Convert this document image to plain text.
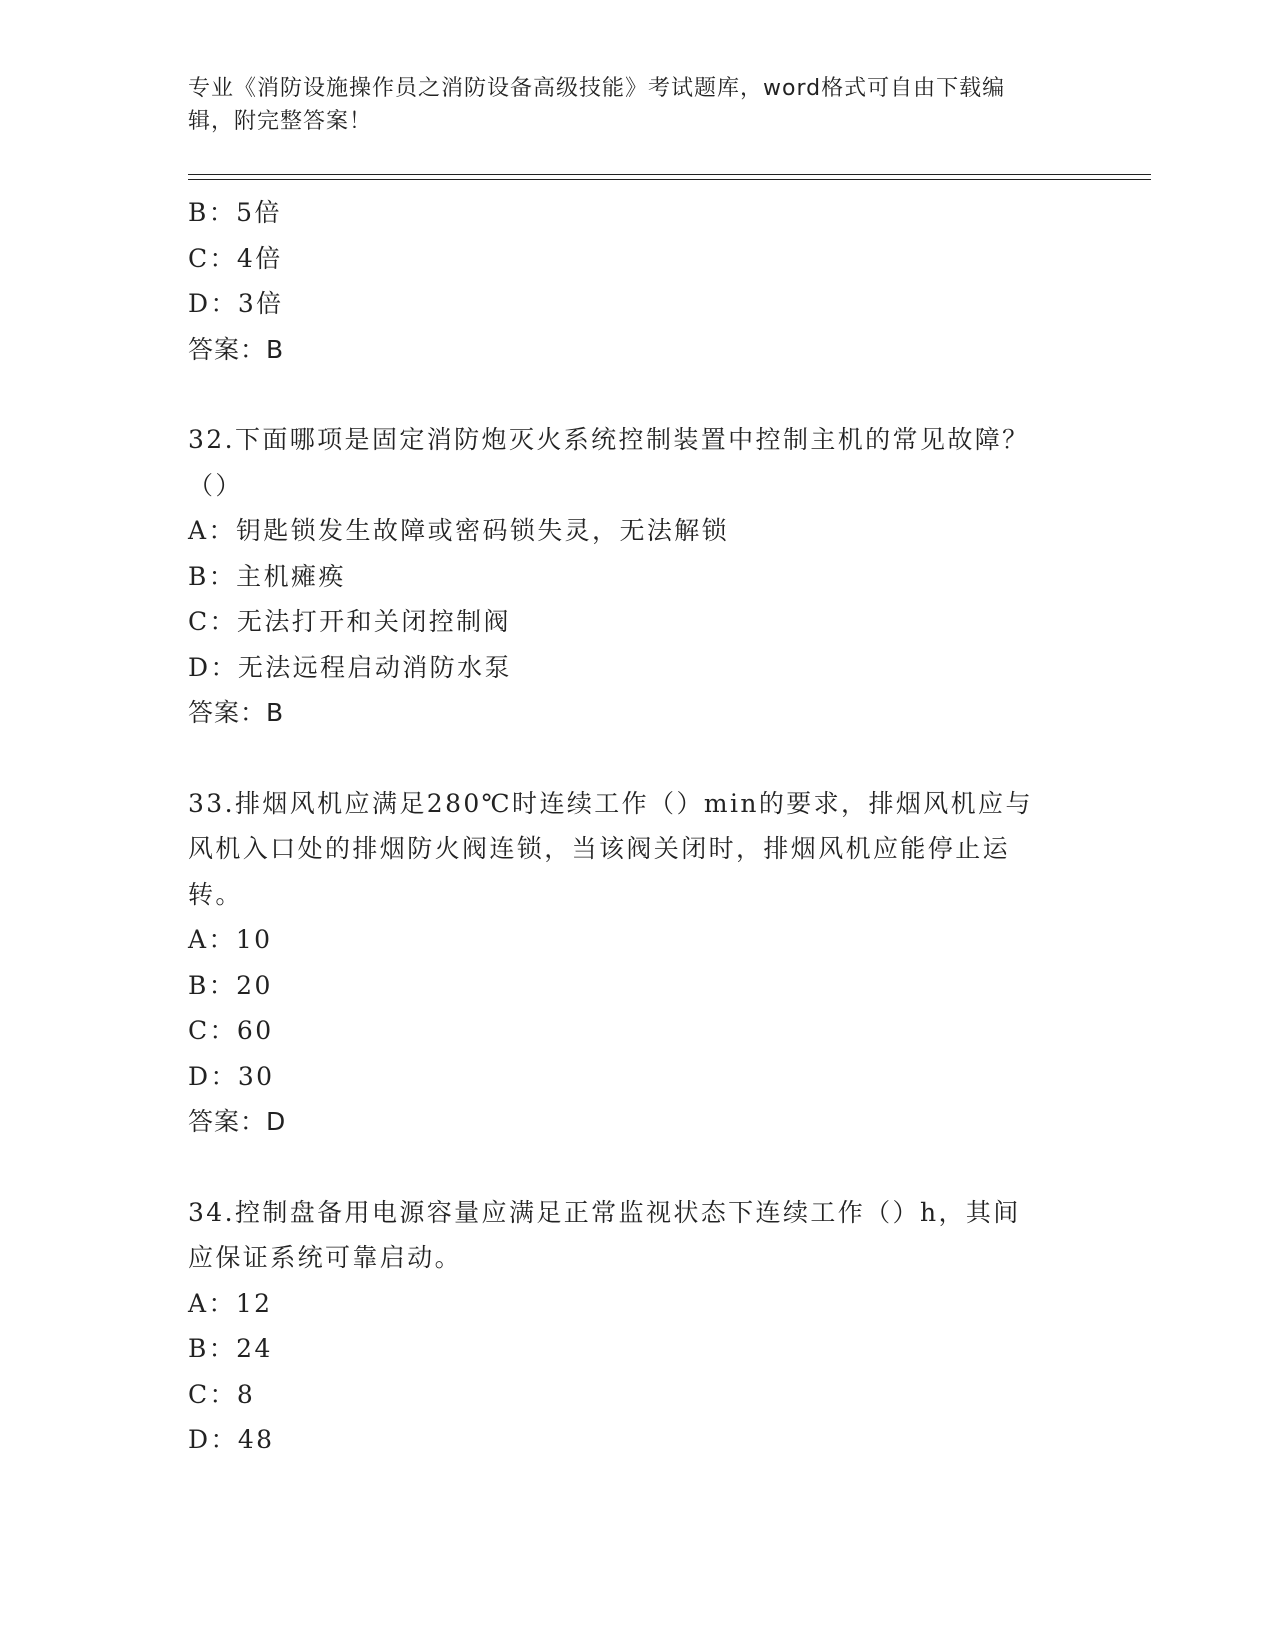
专业《消防设施操作员之消防设备高级技能》考试题库，word格式可自由下载编
辑，附完整答案！
B：5倍
C：4倍
D：3倍
答案：B
32.下面哪项是固定消防炮灭火系统控制装置中控制主机的常见故障？
（）
A：钥匙锁发生故障或密码锁失灵，无法解锁
B：主机瘫痪
C：无法打开和关闭控制阀
D：无法远程启动消防水泵
答案：B
33.排烟风机应满足280℃时连续工作（）min的要求，排烟风机应与
风机入口处的排烟防火阀连锁，当该阀关闭时，排烟风机应能停止运
转。
A：10
B：20
C：60
D：30
答案：D
34.控制盘备用电源容量应满足正常监视状态下连续工作（）h，其间
应保证系统可靠启动。
A：12
B：24
C：8
D：48
